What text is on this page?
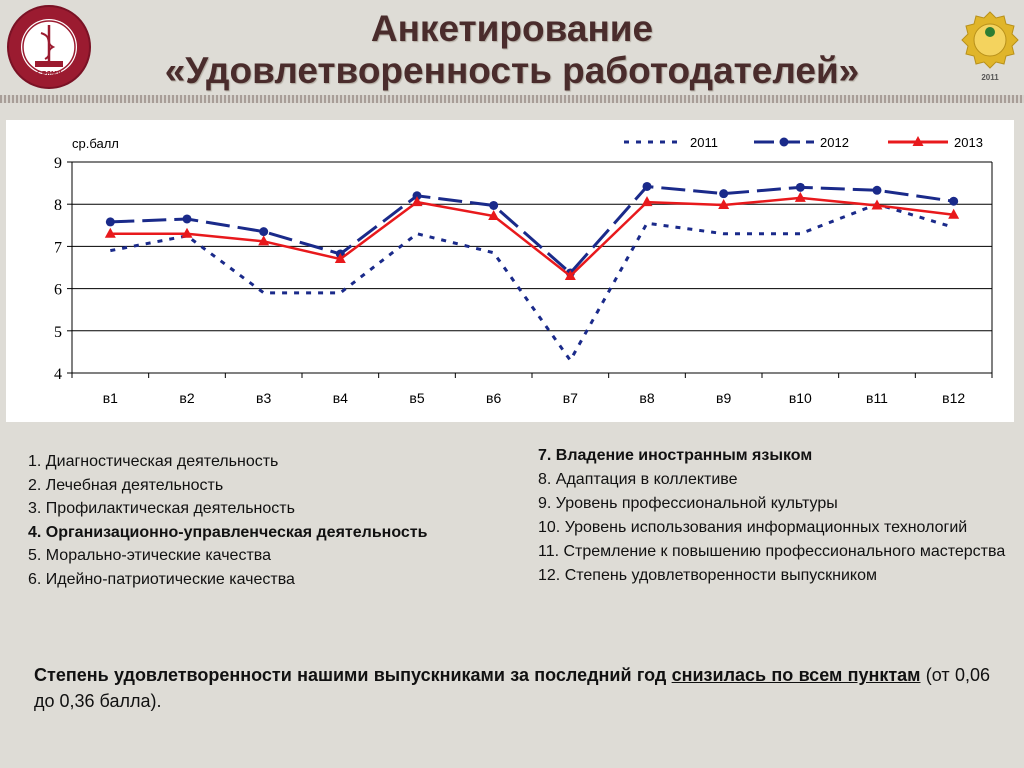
СРДМУ	2011
Анкетирование
«Удовлетворенность работодателей»
4
5
6
7
8
9
в1	в2	в3	в4	в5	в6	в7	в8	в9	в10	в11	в12
ср.балл	2011	2012	2013
1. Диагностическая деятельность
2. Лечебная деятельность
3. Профилактическая деятельность
4. Организационно-управленческая деятельность
5. Морально-этические качества
6. Идейно-патриотические качества
7. Владение иностранным языком
8. Адаптация в коллективе
9. Уровень профессиональной культуры
10. Уровень использования информационных технологий
11. Стремление к повышению профессионального мастерства
12. Степень удовлетворенности выпускником
Степень удовлетворенности нашими выпускниками за последний год снизилась по всем пунктам (от 0,06 до 0,36 балла).
